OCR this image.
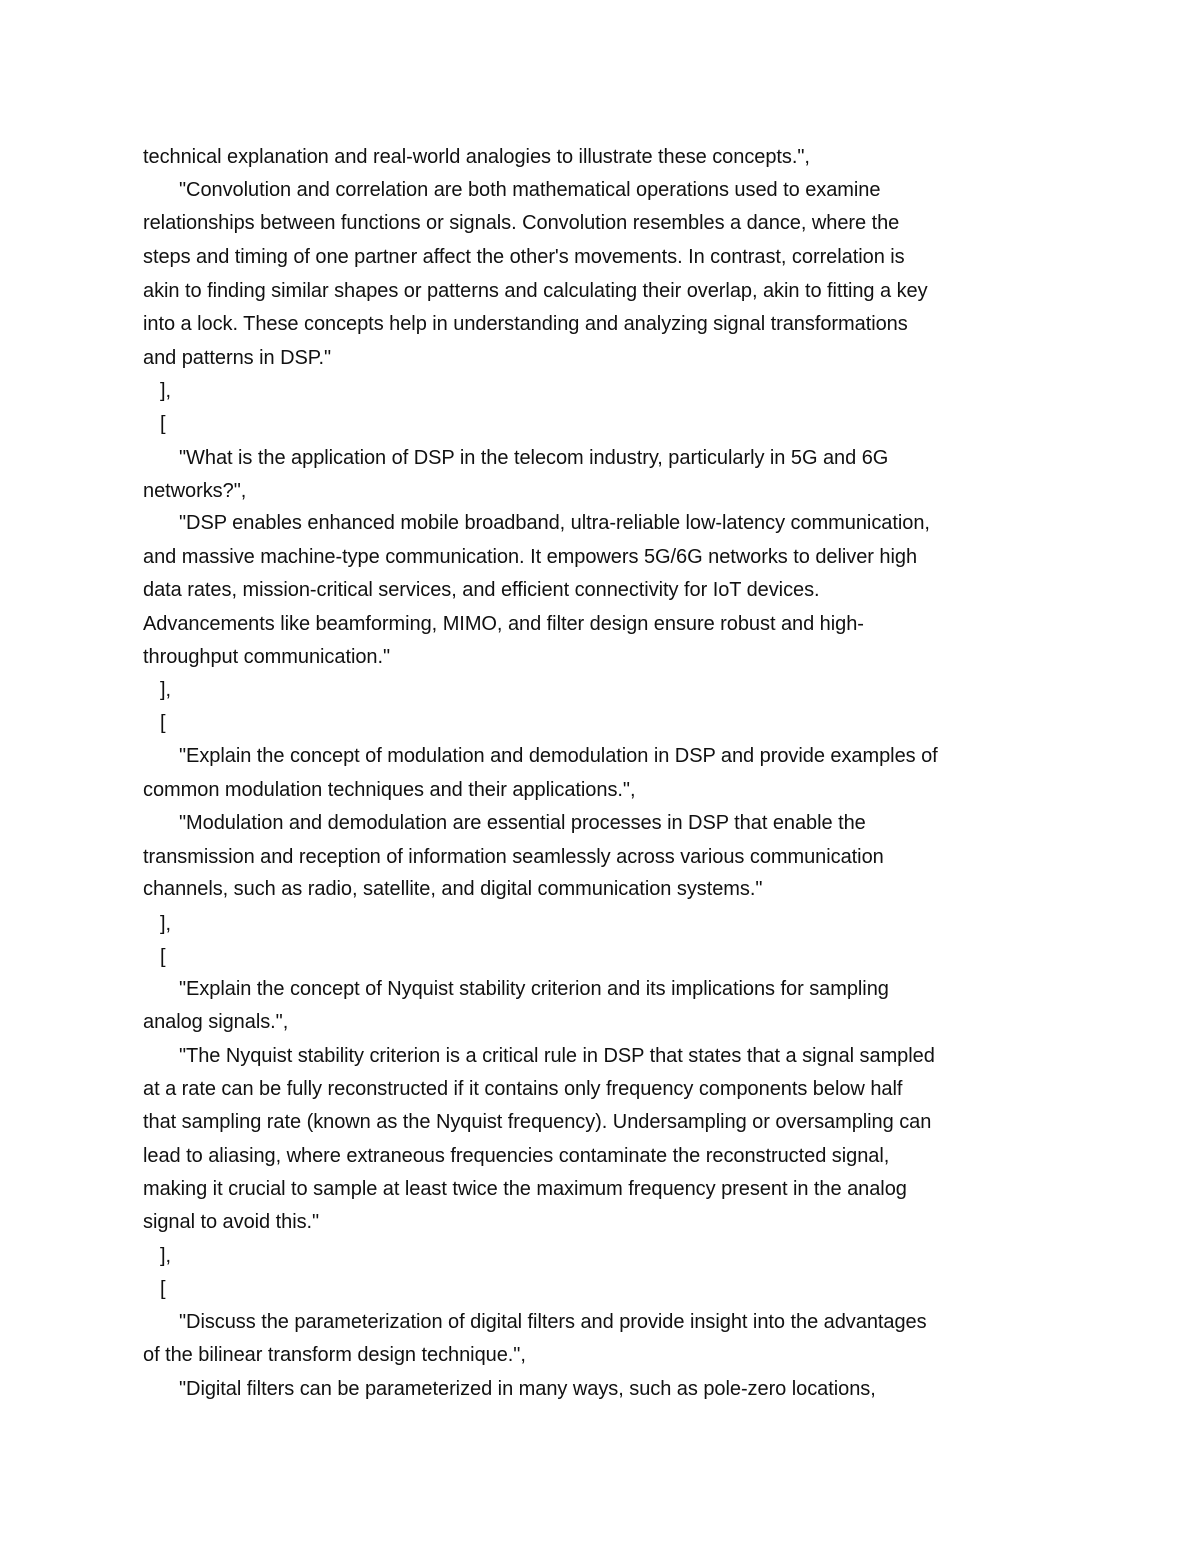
technical explanation and real-world analogies to illustrate these concepts.",
"Convolution and correlation are both mathematical operations used to examine
relationships between functions or signals. Convolution resembles a dance, where the
steps and timing of one partner affect the other's movements. In contrast, correlation is
akin to finding similar shapes or patterns and calculating their overlap, akin to fitting a key
into a lock. These concepts help in understanding and analyzing signal transformations
and patterns in DSP."
],
[
"What is the application of DSP in the telecom industry, particularly in 5G and 6G
networks?",
"DSP enables enhanced mobile broadband, ultra-reliable low-latency communication,
and massive machine-type communication. It empowers 5G/6G networks to deliver high
data rates, mission-critical services, and efficient connectivity for IoT devices.
Advancements like beamforming, MIMO, and filter design ensure robust and high-
throughput communication."
],
[
"Explain the concept of modulation and demodulation in DSP and provide examples of
common modulation techniques and their applications.",
"Modulation and demodulation are essential processes in DSP that enable the
transmission and reception of information seamlessly across various communication
channels, such as radio, satellite, and digital communication systems."
],
[
"Explain the concept of Nyquist stability criterion and its implications for sampling
analog signals.",
"The Nyquist stability criterion is a critical rule in DSP that states that a signal sampled
at a rate can be fully reconstructed if it contains only frequency components below half
that sampling rate (known as the Nyquist frequency). Undersampling or oversampling can
lead to aliasing, where extraneous frequencies contaminate the reconstructed signal,
making it crucial to sample at least twice the maximum frequency present in the analog
signal to avoid this."
],
[
"Discuss the parameterization of digital filters and provide insight into the advantages
of the bilinear transform design technique.",
"Digital filters can be parameterized in many ways, such as pole-zero locations,
